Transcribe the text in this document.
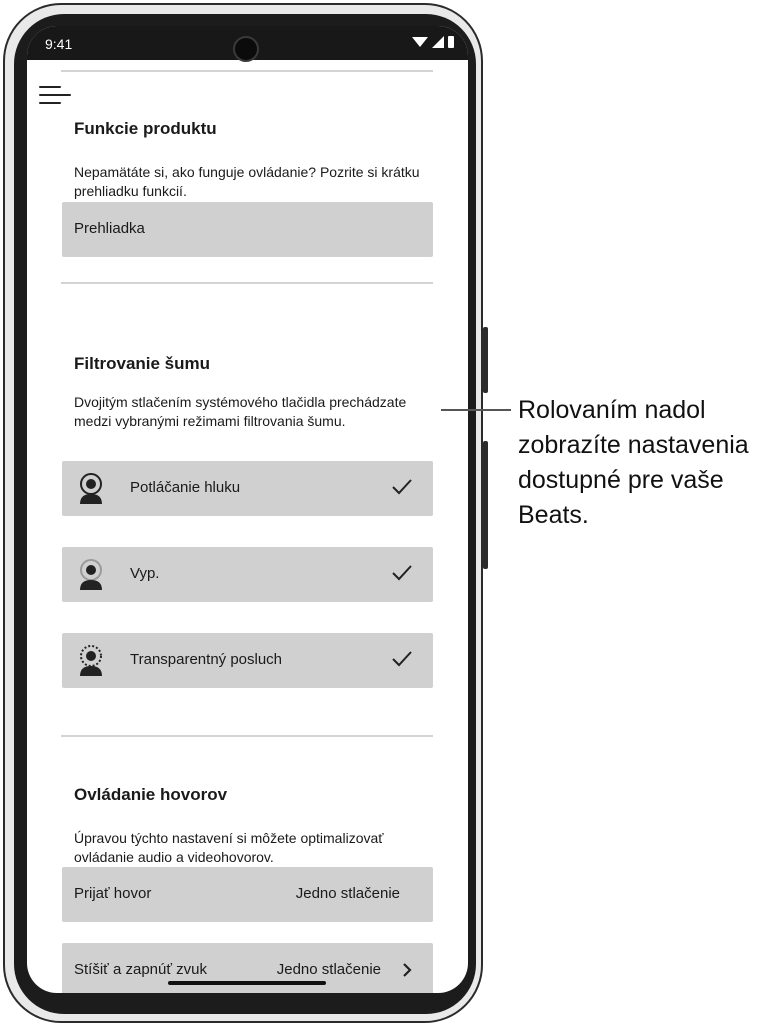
9:41
Funkcie produktu
Nepamätáte si, ako funguje ovládanie? Pozrite si krátku prehliadku funkcií.
Prehliadka
Filtrovanie šumu
Dvojitým stlačením systémového tlačidla prechádzate medzi vybranými režimami filtrovania šumu.
Potláčanie hluku
Vyp.
Transparentný posluch
Ovládanie hovorov
Úpravou týchto nastavení si môžete optimalizovať ovládanie audio a videohovorov.
Prijať hovor	Jedno stlačenie
Stíšiť a zapnúť zvuk	Jedno stlačenie
Rolovaním nadol zobrazíte nastavenia dostupné pre vaše Beats.
